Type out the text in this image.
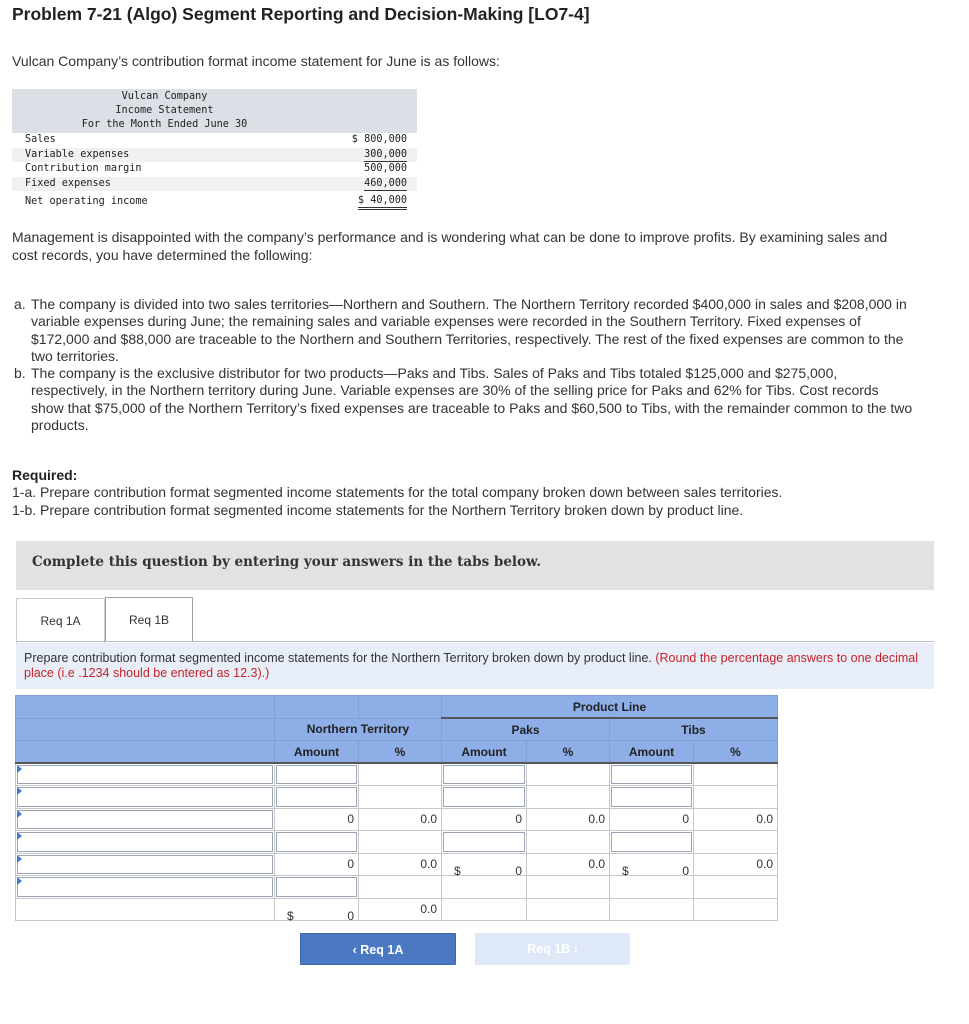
Problem 7-21 (Algo) Segment Reporting and Decision-Making [LO7-4]
Vulcan Company’s contribution format income statement for June is as follows:
Vulcan Company
Income Statement
For the Month Ended June 30
Sales	$ 800,000
Variable expenses	300,000
Contribution margin	500,000
Fixed expenses	460,000
Net operating income	$ 40,000
Management is disappointed with the company’s performance and is wondering what can be done to improve profits. By examining sales and cost records, you have determined the following:
a. The company is divided into two sales territories—Northern and Southern. The Northern Territory recorded $400,000 in sales and $208,000 in variable expenses during June; the remaining sales and variable expenses were recorded in the Southern Territory. Fixed expenses of $172,000 and $88,000 are traceable to the Northern and Southern Territories, respectively. The rest of the fixed expenses are common to the two territories.
b. The company is the exclusive distributor for two products—Paks and Tibs. Sales of Paks and Tibs totaled $125,000 and $275,000, respectively, in the Northern territory during June. Variable expenses are 30% of the selling price for Paks and 62% for Tibs. Cost records show that $75,000 of the Northern Territory’s fixed expenses are traceable to Paks and $60,500 to Tibs, with the remainder common to the two products.
Required:
1-a. Prepare contribution format segmented income statements for the total company broken down between sales territories.
1-b. Prepare contribution format segmented income statements for the Northern Territory broken down by product line.
Complete this question by entering your answers in the tabs below.
Req 1A	Req 1B
Prepare contribution format segmented income statements for the Northern Territory broken down by product line. (Round the percentage answers to one decimal place (i.e .1234 should be entered as 12.3).)
			Product Line			
	Northern Territory		Paks		Tibs	
	Amount	%	Amount	%	Amount	%

	0	0.0	0	0.0	0	0.0

	0	0.0	$ 0	0.0	$ 0	0.0

	$ 0	0.0				
‹ Req 1A	Req 1B ›
